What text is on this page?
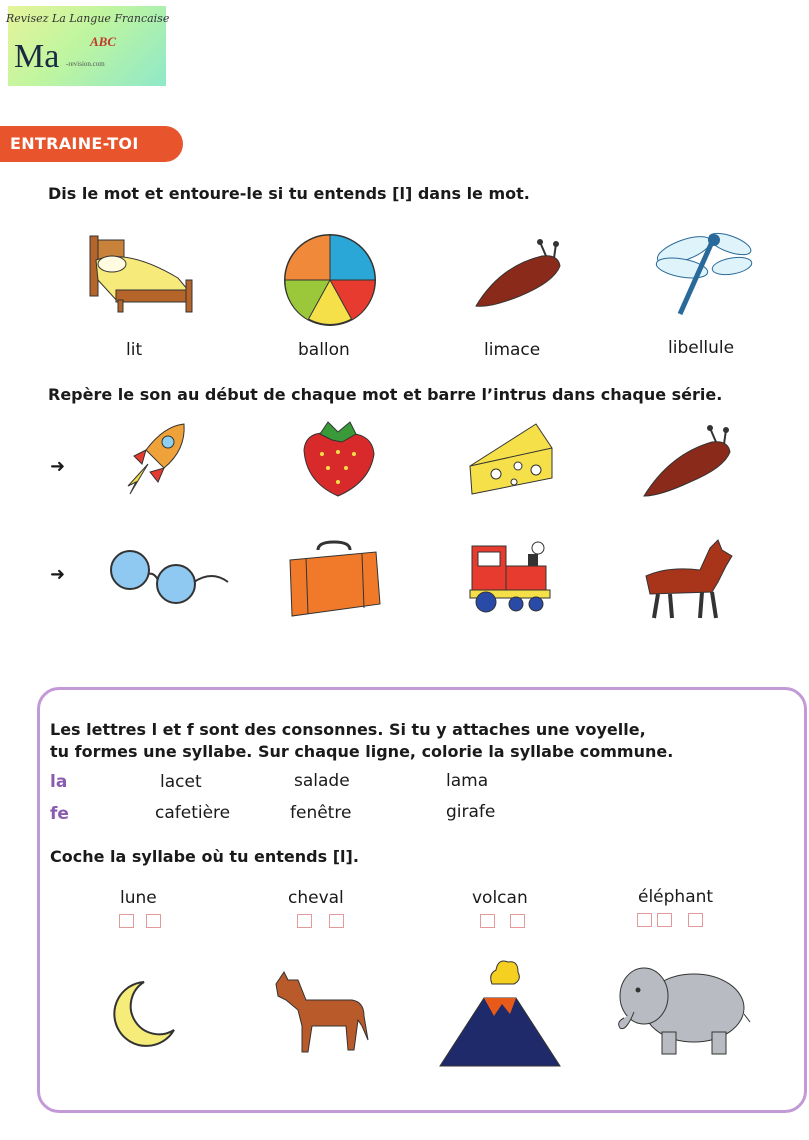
Revisez La Langue Francaise
Ma ABC
-revision.com
ENTRAINE-TOI
Dis le mot et entoure-le si tu entends [l] dans le mot.
lit	ballon	limace	libellule
Repère le son au début de chaque mot et barre l’intrus dans chaque série.
➜
➜
Les lettres l et f sont des consonnes. Si tu y attaches une voyelle,
tu formes une syllabe. Sur chaque ligne, colorie la syllabe commune.
la	lacet	salade	lama
fe	cafetière	fenêtre	girafe
Coche la syllabe où tu entends [l].
lune	cheval	volcan	éléphant
